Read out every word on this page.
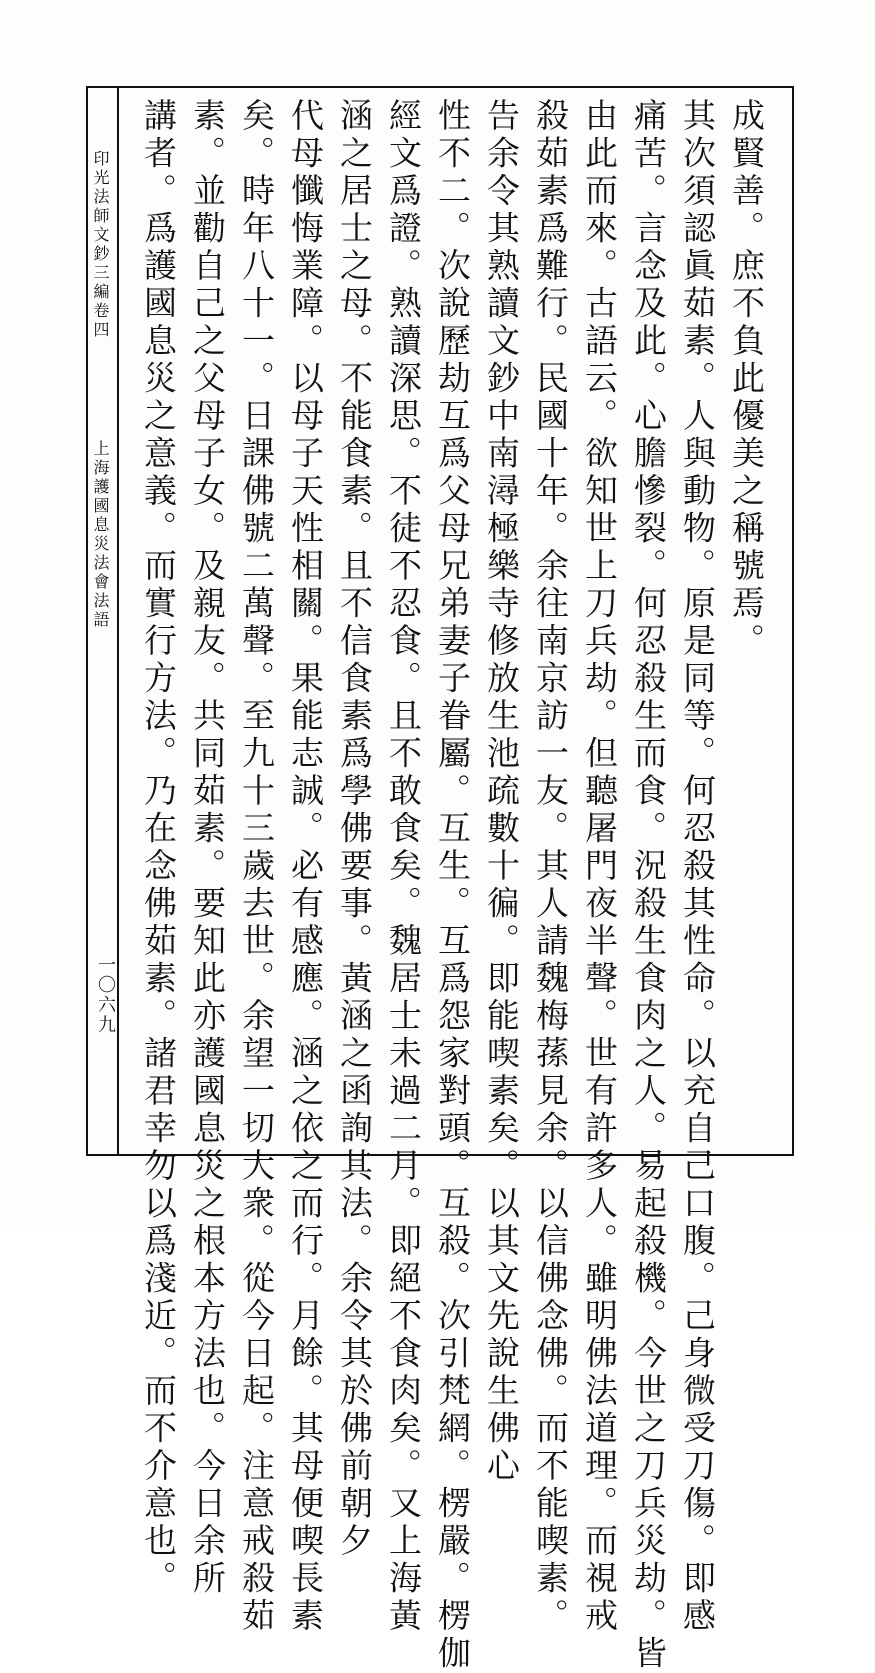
印光法師文鈔三編卷四
上海護國息災法會法語
一〇六九
成賢善。庶不負此優美之稱號焉。
其次須認眞茹素。人與動物。原是同等。何忍殺其性命。以充自己口腹。己身微受刀傷。即感
痛苦。言念及此。心膽慘裂。何忍殺生而食。況殺生食肉之人。易起殺機。今世之刀兵災劫。皆
由此而來。古語云。欲知世上刀兵劫。但聽屠門夜半聲。世有許多人。雖明佛法道理。而視戒
殺茹素爲難行。民國十年。余往南京訪一友。其人請魏梅蓀見余。以信佛念佛。而不能喫素。
告余令其熟讀文鈔中南潯極樂寺修放生池疏數十徧。即能喫素矣。以其文先說生佛心
性不二。次說歷劫互爲父母兄弟妻子眷屬。互生。互爲怨家對頭。互殺。次引梵網。楞嚴。楞伽
經文爲證。熟讀深思。不徒不忍食。且不敢食矣。魏居士未過二月。即絕不食肉矣。又上海黃
涵之居士之母。不能食素。且不信食素爲學佛要事。黃涵之函詢其法。余令其於佛前朝夕
代母懺悔業障。以母子天性相關。果能志誠。必有感應。涵之依之而行。月餘。其母便喫長素
矣。時年八十一。日課佛號二萬聲。至九十三歲去世。余望一切大衆。從今日起。注意戒殺茹
素。並勸自己之父母子女。及親友。共同茹素。要知此亦護國息災之根本方法也。今日余所
講者。爲護國息災之意義。而實行方法。乃在念佛茹素。諸君幸勿以爲淺近。而不介意也。
